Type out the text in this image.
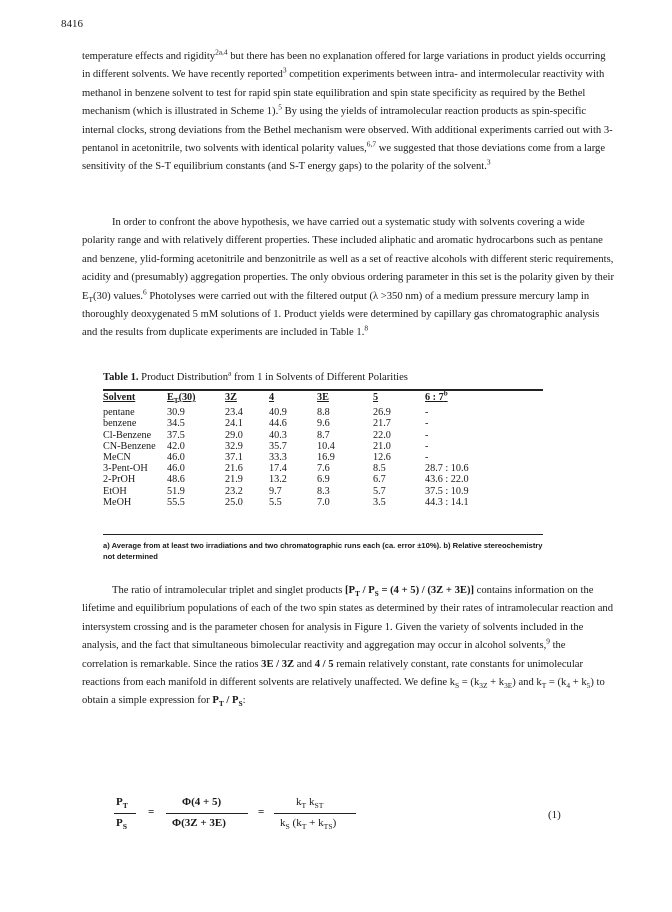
8416

temperature effects and rigidity$^{2a,4}$ but there has been no explanation offered for large variations in product yields occurring in different solvents. We have recently reported$^3$ competition experiments between intra- and intermolecular reactivity with methanol in benzene solvent to test for rapid spin state equilibration and spin state specificity as required by the Bethel mechanism (which is illustrated in Scheme 1).$^5$ By using the yields of intramolecular reaction products as spin-specific internal clocks, strong deviations from the Bethel mechanism were observed. With additional experiments carried out with 3-pentanol in acetonitrile, two solvents with identical polarity values,$^{6,7}$ we suggested that those deviations come from a large sensitivity of the S-T equilibrium constants (and S-T energy gaps) to the polarity of the solvent.$^3$

In order to confront the above hypothesis, we have carried out a systematic study with solvents covering a wide polarity range and with relatively different properties. These included aliphatic and aromatic hydrocarbons such as pentane and benzene, ylid-forming acetonitrile and benzonitrile as well as a set of reactive alcohols with different steric requirements, acidity and (presumably) aggregation properties. The only obvious ordering parameter in this set is the polarity given by their $E_T(30)$ values.$^6$ Photolyses were carried out with the filtered output (λ >350 nm) of a medium pressure mercury lamp in thoroughly deoxygenated 5 mM solutions of 1. Product yields were determined by capillary gas chromatographic analysis and the results from duplicate experiments are included in Table 1.$^8$

Table 1. Product Distribution$^a$ from 1 in Solvents of Different Polarities
Solvent	$E_T(30)$	3Z	4	3E	5	6 : 7$^b$
pentane	30.9	23.4	40.9	8.8	26.9	-
benzene	34.5	24.1	44.6	9.6	21.7	-
Cl-Benzene	37.5	29.0	40.3	8.7	22.0	-
CN-Benzene	42.0	32.9	35.7	10.4	21.0	-
MeCN	46.0	37.1	33.3	16.9	12.6	-
3-Pent-OH	46.0	21.6	17.4	7.6	8.5	28.7 : 10.6
2-PrOH	48.6	21.9	13.2	6.9	6.7	43.6 : 22.0
EtOH	51.9	23.2	9.7	8.3	5.7	37.5 : 10.9
MeOH	55.5	25.0	5.5	7.0	3.5	44.3 : 14.1
a) Average from at least two irradiations and two chromatographic runs each (ca. error ±10%). b) Relative stereochemistry not determined

The ratio of intramolecular triplet and singlet products $[P_T / P_S = (4 + 5) / (3Z + 3E)]$ contains information on the lifetime and equilibrium populations of each of the two spin states as determined by their rates of intramolecular reaction and intersystem crossing and is the parameter chosen for analysis in Figure 1. Given the variety of solvents included in the analysis, and the fact that simultaneous bimolecular reactivity and aggregation may occur in alcohol solvents,$^9$ the correlation is remarkable. Since the ratios 3E / 3Z and 4 / 5 remain relatively constant, rate constants for unimolecular reactions from each manifold in different solvents are relatively unaffected. We define $k_S = (k_{3Z} + k_{3E})$ and $k_T = (k_4 + k_5)$ to obtain a simple expression for $P_T / P_S$:

$P_T$
$P_S$
=
Φ(4 + 5)
Φ(3Z + 3E)
=
$k_T$ $k_{ST}$
$k_S$ $(k_T + k_{TS})$
(1)
